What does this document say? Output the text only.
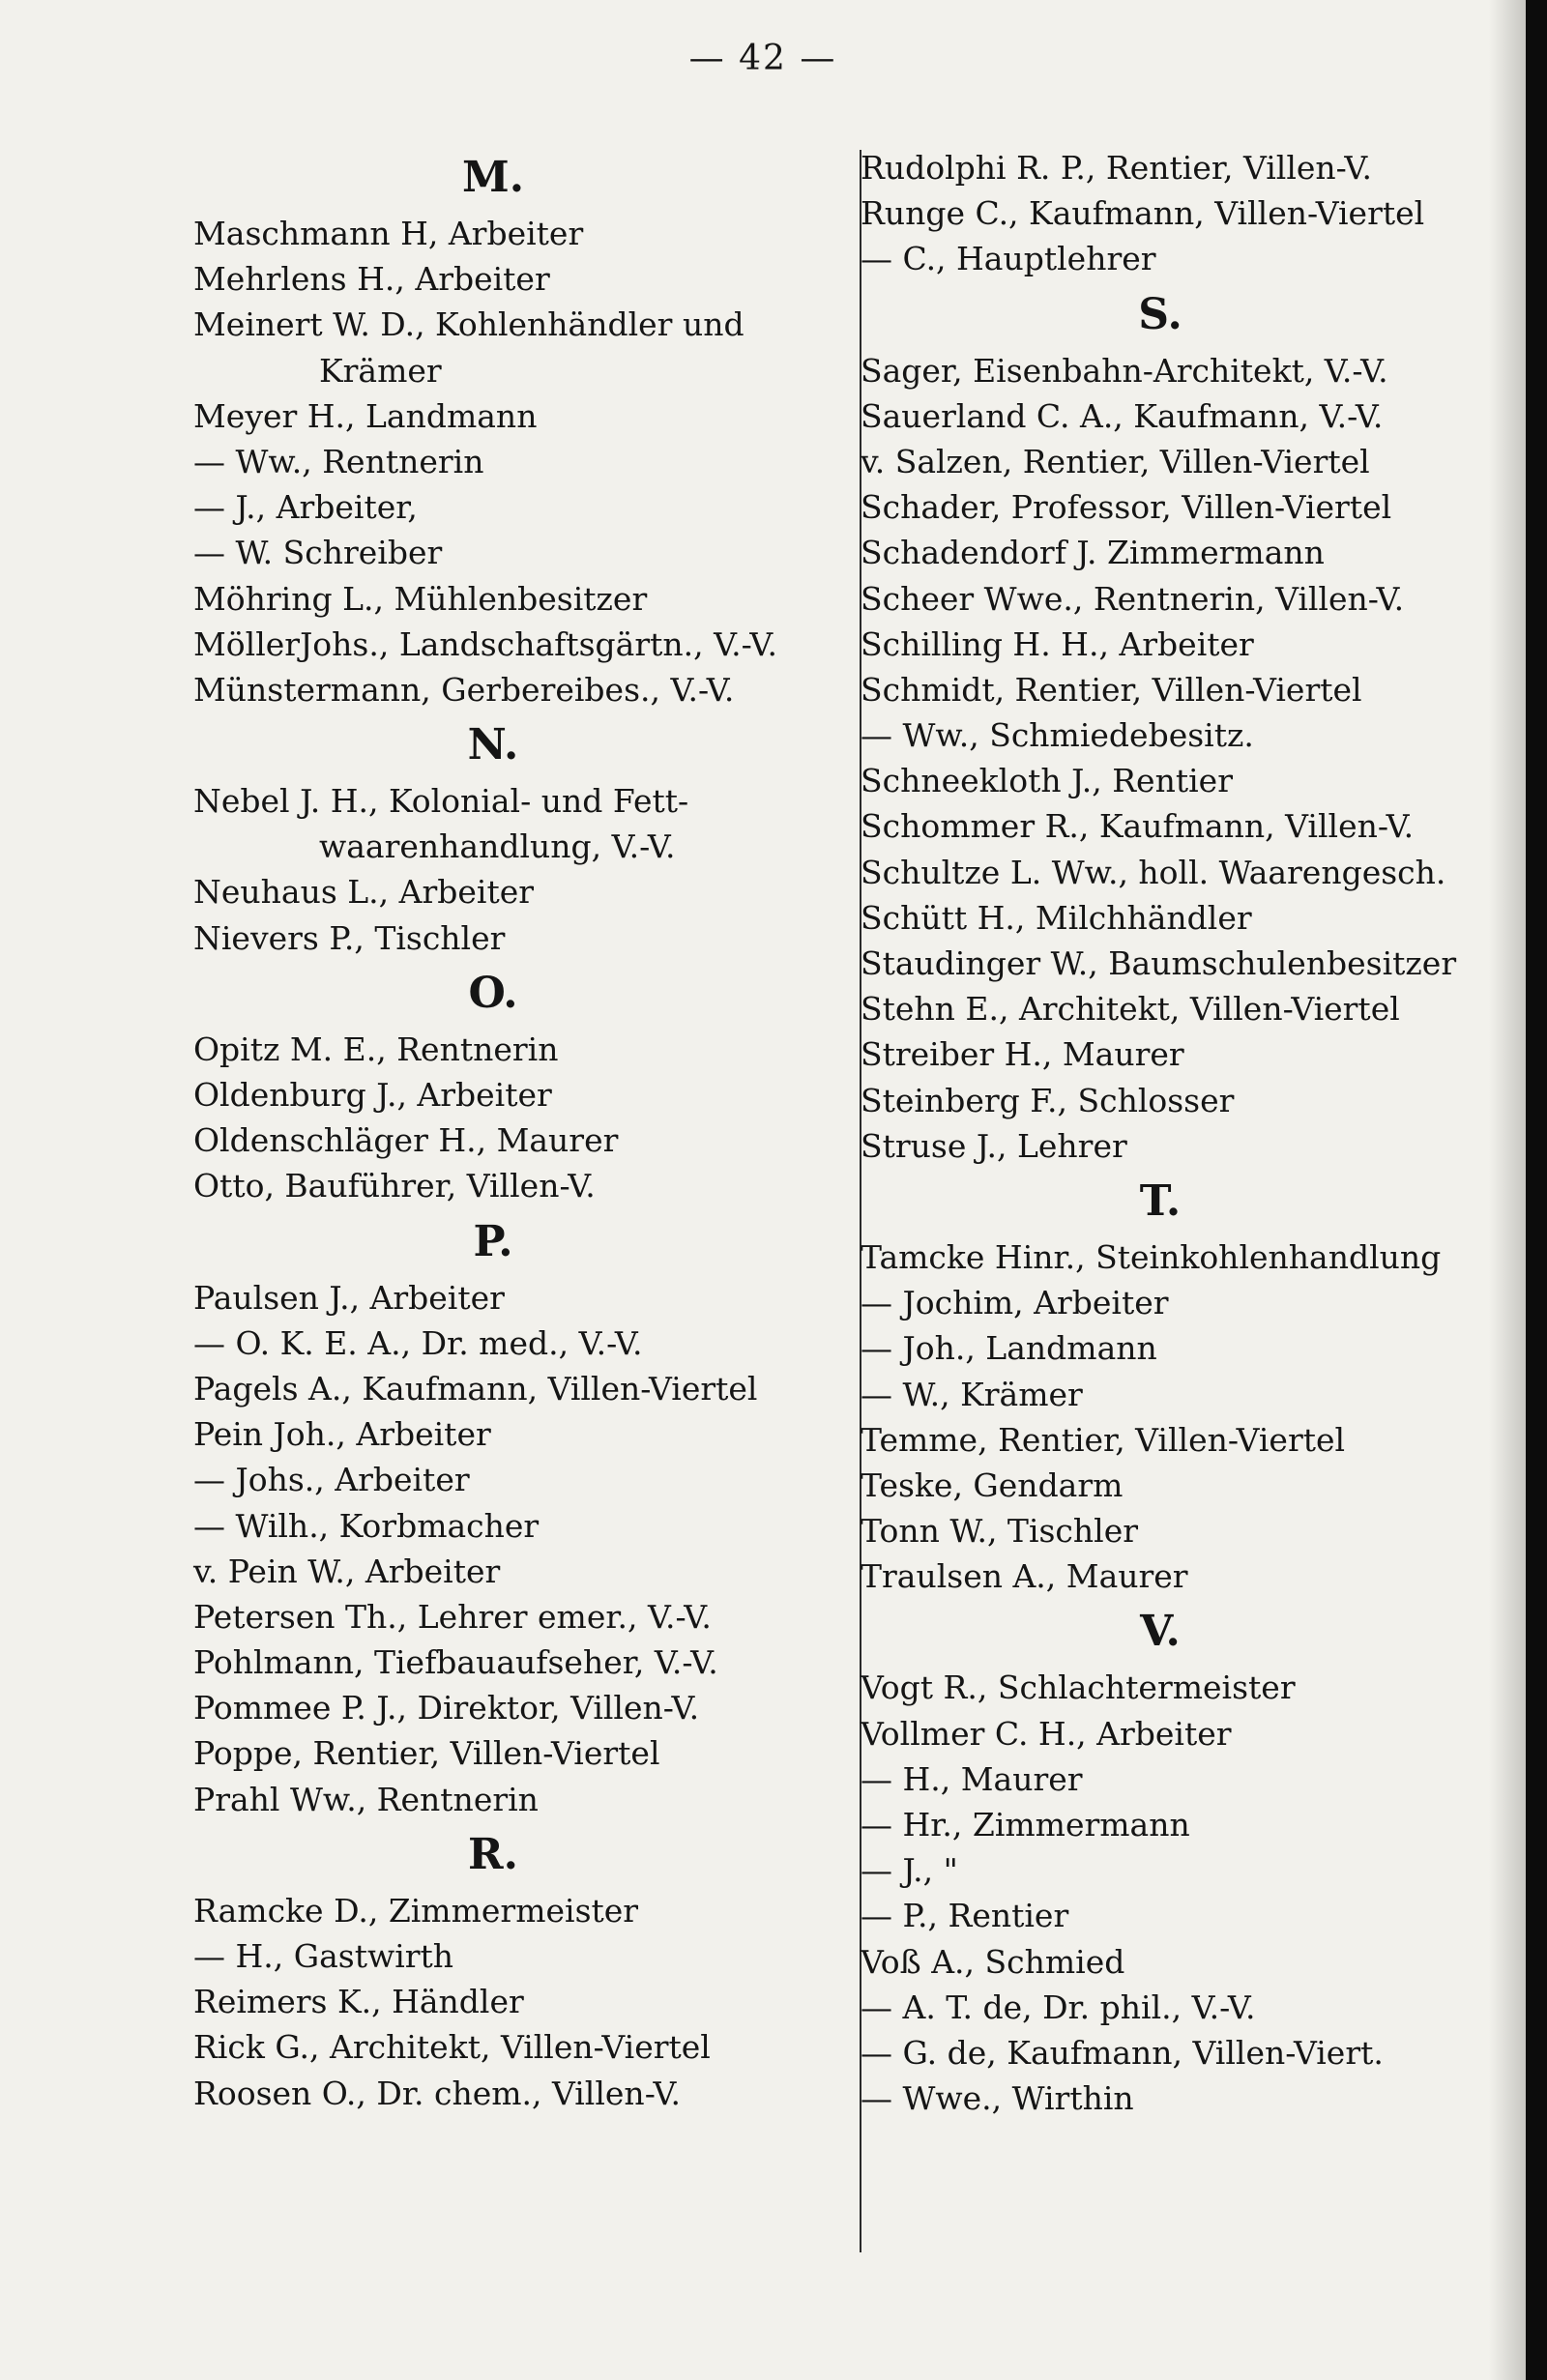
— 42 —
M.
Maschmann H, Arbeiter
Mehrlens H., Arbeiter
Meinert W. D., Kohlenhändler und
Krämer
Meyer H., Landmann
— Ww., Rentnerin
— J., Arbeiter,
— W. Schreiber
Möhring L., Mühlenbesitzer
MöllerJohs., Landschaftsgärtn., V.-V.
Münstermann, Gerbereibes., V.-V.
N.
Nebel J. H., Kolonial- und Fett-
waarenhandlung, V.-V.
Neuhaus L., Arbeiter
Nievers P., Tischler
O.
Opitz M. E., Rentnerin
Oldenburg J., Arbeiter
Oldenschläger H., Maurer
Otto, Bauführer, Villen-V.
P.
Paulsen J., Arbeiter
— O. K. E. A., Dr. med., V.-V.
Pagels A., Kaufmann, Villen-Viertel
Pein Joh., Arbeiter
— Johs., Arbeiter
— Wilh., Korbmacher
v. Pein W., Arbeiter
Petersen Th., Lehrer emer., V.-V.
Pohlmann, Tiefbauaufseher, V.-V.
Pommee P. J., Direktor, Villen-V.
Poppe, Rentier, Villen-Viertel
Prahl Ww., Rentnerin
R.
Ramcke D., Zimmermeister
— H., Gastwirth
Reimers K., Händler
Rick G., Architekt, Villen-Viertel
Roosen O., Dr. chem., Villen-V.
Rudolphi R. P., Rentier, Villen-V.
Runge C., Kaufmann, Villen-Viertel
— C., Hauptlehrer
S.
Sager, Eisenbahn-Architekt, V.-V.
Sauerland C. A., Kaufmann, V.-V.
v. Salzen, Rentier, Villen-Viertel
Schader, Professor, Villen-Viertel
Schadendorf J. Zimmermann
Scheer Wwe., Rentnerin, Villen-V.
Schilling H. H., Arbeiter
Schmidt, Rentier, Villen-Viertel
— Ww., Schmiedebesitz.
Schneekloth J., Rentier
Schommer R., Kaufmann, Villen-V.
Schultze L. Ww., holl. Waarengesch.
Schütt H., Milchhändler
Staudinger W., Baumschulenbesitzer
Stehn E., Architekt, Villen-Viertel
Streiber H., Maurer
Steinberg F., Schlosser
Struse J., Lehrer
T.
Tamcke Hinr., Steinkohlenhandlung
— Jochim, Arbeiter
— Joh., Landmann
— W., Krämer
Temme, Rentier, Villen-Viertel
Teske, Gendarm
Tonn W., Tischler
Traulsen A., Maurer
V.
Vogt R., Schlachtermeister
Vollmer C. H., Arbeiter
— H., Maurer
— Hr., Zimmermann
— J., "
— P., Rentier
Voß A., Schmied
— A. T. de, Dr. phil., V.-V.
— G. de, Kaufmann, Villen-Viert.
— Wwe., Wirthin
